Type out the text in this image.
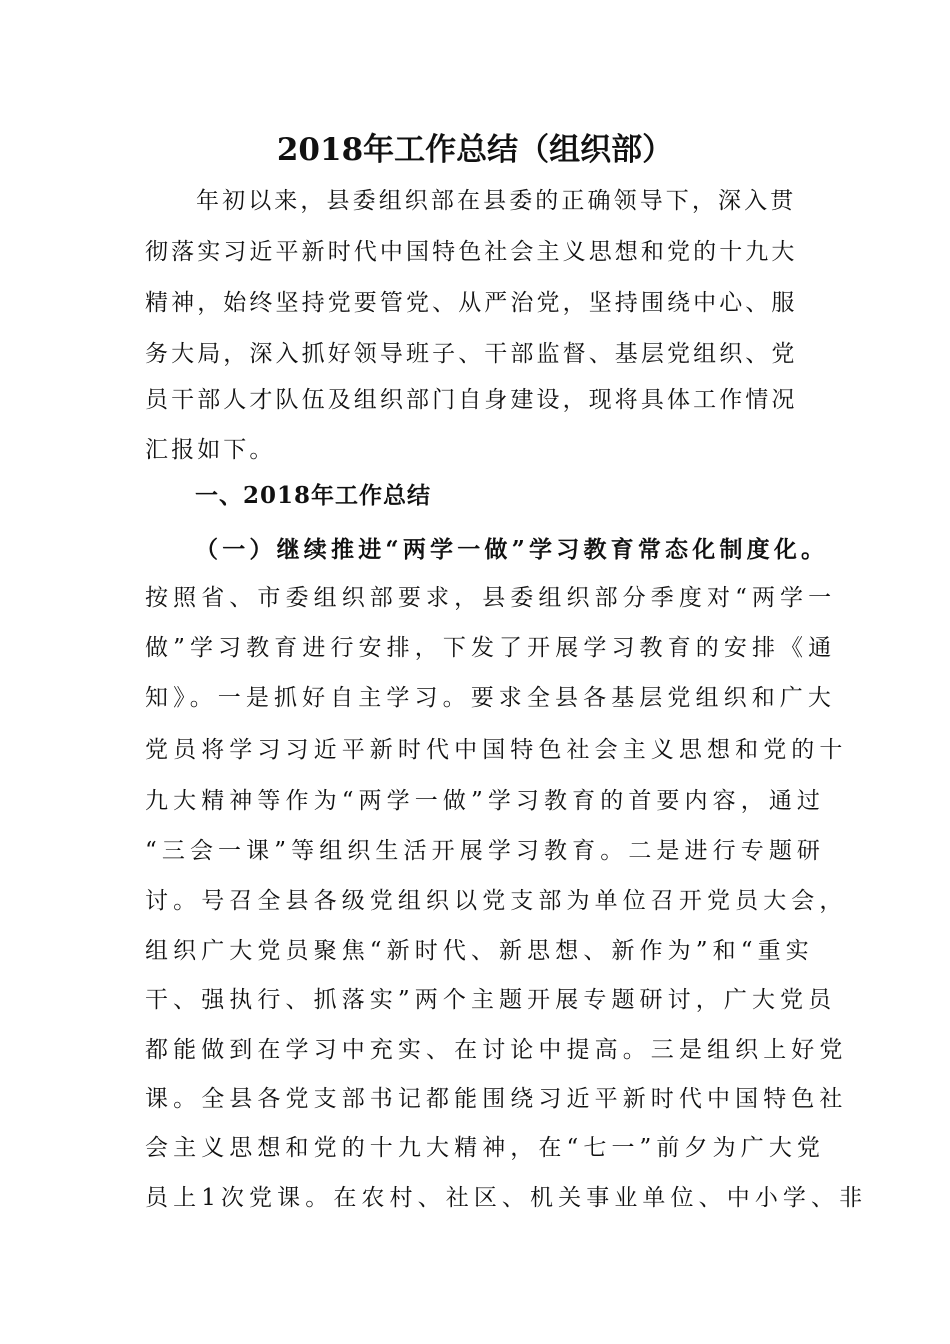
2018年工作总结（组织部）
年初以来，县委组织部在县委的正确领导下，深入贯
彻落实习近平新时代中国特色社会主义思想和党的十九大
精神，始终坚持党要管党、从严治党，坚持围绕中心、服
务大局，深入抓好领导班子、干部监督、基层党组织、党
员干部人才队伍及组织部门自身建设，现将具体工作情况
汇报如下。
一、2018年工作总结
（一）继续推进“两学一做”学习教育常态化制度化。
按照省、市委组织部要求，县委组织部分季度对“两学一
做”学习教育进行安排，下发了开展学习教育的安排《通
知》。一是抓好自主学习。要求全县各基层党组织和广大
党员将学习习近平新时代中国特色社会主义思想和党的十
九大精神等作为“两学一做”学习教育的首要内容，通过
“三会一课”等组织生活开展学习教育。二是进行专题研
讨。号召全县各级党组织以党支部为单位召开党员大会，
组织广大党员聚焦“新时代、新思想、新作为”和“重实
干、强执行、抓落实”两个主题开展专题研讨，广大党员
都能做到在学习中充实、在讨论中提高。三是组织上好党
课。全县各党支部书记都能围绕习近平新时代中国特色社
会主义思想和党的十九大精神，在“七一”前夕为广大党
员上1次党课。在农村、社区、机关事业单位、中小学、非
